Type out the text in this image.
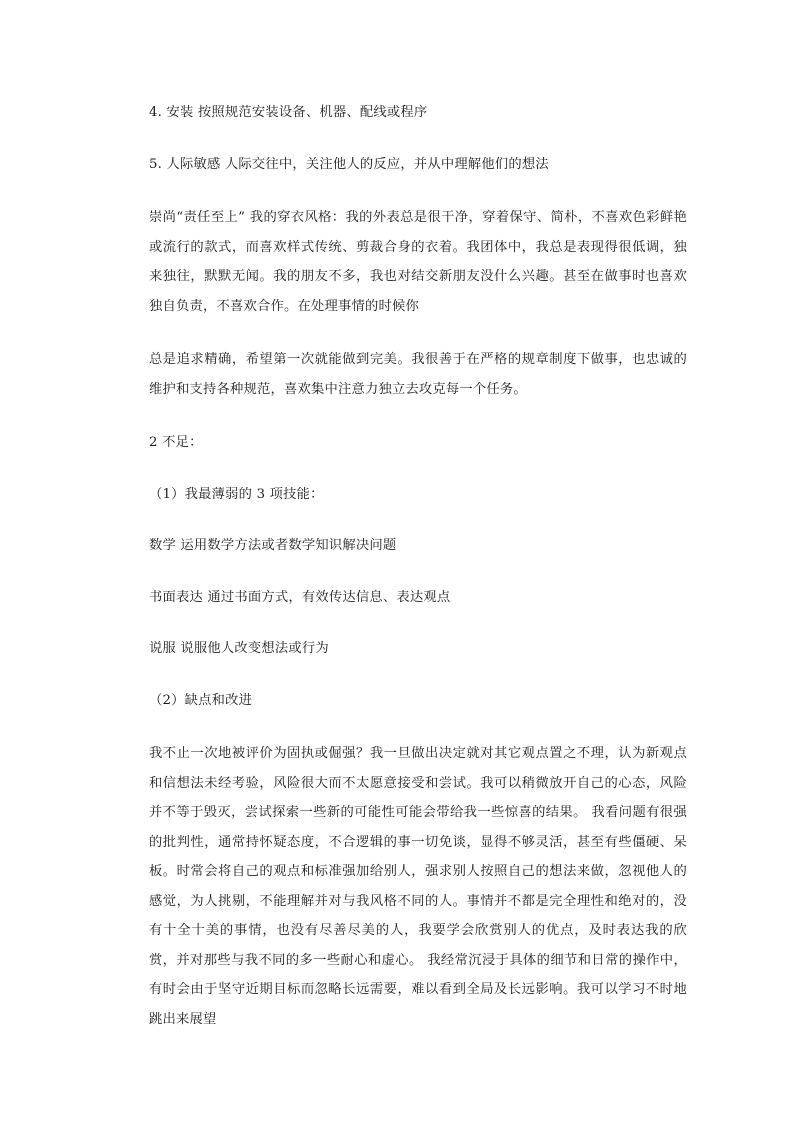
4. 安装 按照规范安装设备、机器、配线或程序

5. 人际敏感 人际交往中，关注他人的反应，并从中理解他们的想法

崇尚“责任至上” 我的穿衣风格：我的外表总是很干净，穿着保守、简朴，不喜欢色彩鲜艳或流行的款式，而喜欢样式传统、剪裁合身的衣着。我团体中，我总是表现得很低调，独来独往，默默无闻。我的朋友不多，我也对结交新朋友没什么兴趣。甚至在做事时也喜欢独自负责，不喜欢合作。在处理事情的时候你

总是追求精确，希望第一次就能做到完美。我很善于在严格的规章制度下做事，也忠诚的维护和支持各种规范，喜欢集中注意力独立去攻克每一个任务。

2 不足：

（1）我最薄弱的 3 项技能：

数学 运用数学方法或者数学知识解决问题

书面表达 通过书面方式，有效传达信息、表达观点

说服 说服他人改变想法或行为

（2）缺点和改进

我不止一次地被评价为固执或倔强？我一旦做出决定就对其它观点置之不理，认为新观点和信想法未经考验，风险很大而不太愿意接受和尝试。我可以稍微放开自己的心态，风险并不等于毁灭，尝试探索一些新的可能性可能会带给我一些惊喜的结果。 我看问题有很强的批判性，通常持怀疑态度，不合逻辑的事一切免谈，显得不够灵活，甚至有些僵硬、呆板。时常会将自己的观点和标准强加给别人，强求别人按照自己的想法来做，忽视他人的感觉，为人挑剔，不能理解并对与我风格不同的人。事情并不都是完全理性和绝对的，没有十全十美的事情，也没有尽善尽美的人，我要学会欣赏别人的优点，及时表达我的欣赏，并对那些与我不同的多一些耐心和虚心。 我经常沉浸于具体的细节和日常的操作中，有时会由于坚守近期目标而忽略长远需要，难以看到全局及长远影响。我可以学习不时地跳出来展望
